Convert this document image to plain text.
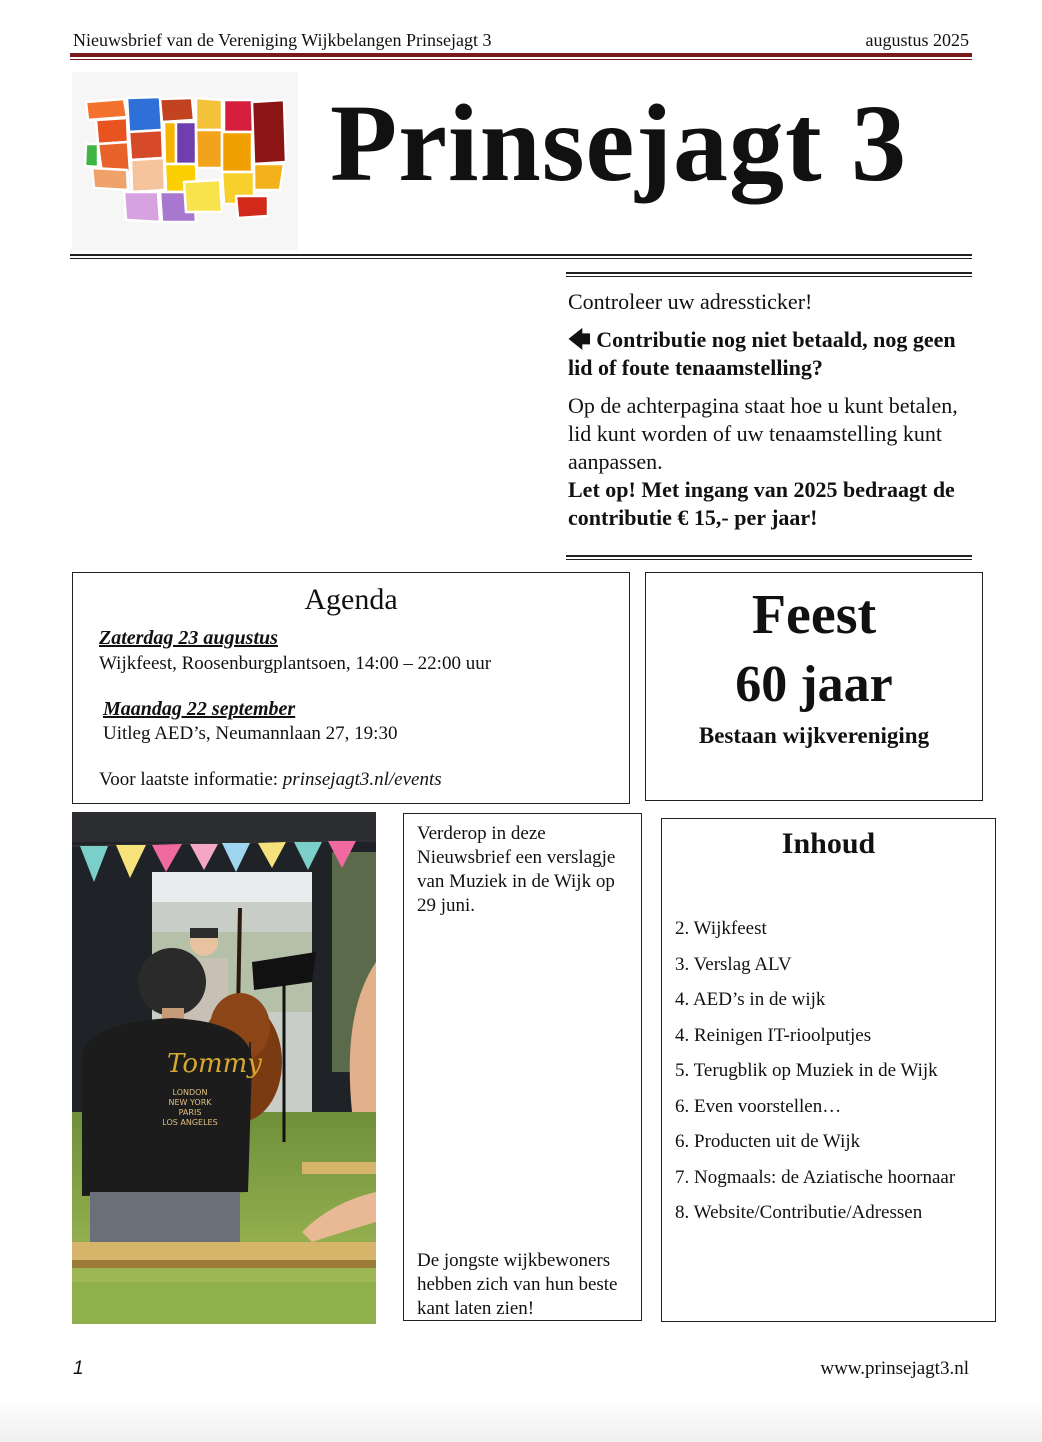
Nieuwsbrief van de Vereniging Wijkbelangen Prinsejagt 3	augustus 2025
Prinsejagt 3

Controleer uw adressticker!

🡄 Contributie nog niet betaald, nog geen lid of foute tenaamstelling?

Op de achterpagina staat hoe u kunt betalen, lid kunt worden of uw tenaamstelling kunt aanpassen.

Let op! Met ingang van 2025 bedraagt de contributie € 15,- per jaar!

Agenda
Zaterdag 23 augustus
Wijkfeest, Roosenburgplantsoen, 14:00 – 22:00 uur
Maandag 22 september
Uitleg AED’s, Neumannlaan 27, 19:30
Voor laatste informatie: prinsejagt3.nl/events
Feest
60 jaar
Bestaan wijkvereniging
Tommy
LONDON
NEW YORK
PARIS
LOS ANGELES
Verderop in deze Nieuwsbrief een verslagje van Muziek in de Wijk op 29 juni.
De jongste wijkbewoners hebben zich van hun beste kant laten zien!
Inhoud
2. Wijkfeest
3. Verslag ALV
4. AED’s in de wijk
4. Reinigen IT-rioolputjes
5. Terugblik op Muziek in de Wijk
6. Even voorstellen…
6. Producten uit de Wijk
7. Nogmaals: de Aziatische hoornaar
8. Website/Contributie/Adressen
1	www.prinsejagt3.nl
